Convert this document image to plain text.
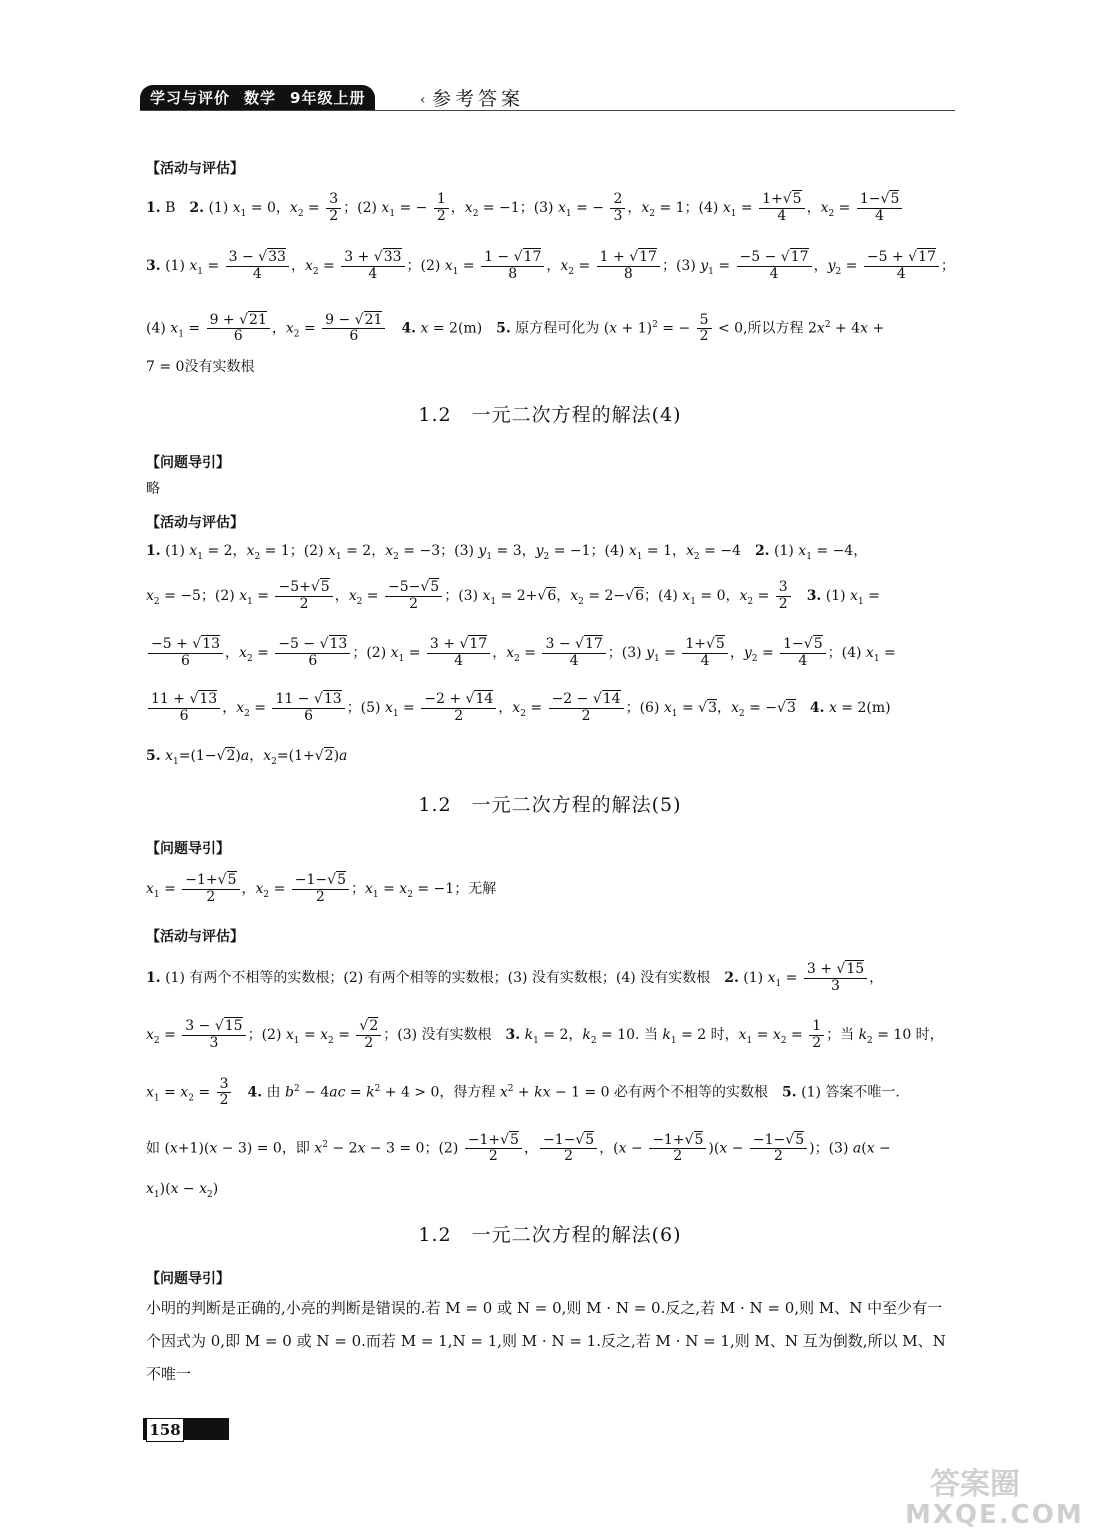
学习与评价 数学 9年级上册	‹ 参考答案
【活动与评估】
1. B　2. (1) $x_1 = 0$，$x_2 = \frac{3}{2}$ ；(2) $x_1$ = − $\frac{1}{2}$ ，$x_2 = -1$；(3) $x_1$ = − $\frac{2}{3}$ ，$x_2 = 1$；(4) $x_1 = \frac{1+√5}{4}$ ，$x_2 = \frac{1-√5}{4}$
3. (1) $x_1 = \frac{3 - √33}{4}$ ，$x_2 = \frac{3 + √33}{4}$ ；(2) $x_1 = \frac{1 - √17}{8}$ ，$x_2 = \frac{1 + √17}{8}$ ；(3) $y_1 = \frac{-5 - √17}{4}$ ，$y_2 = \frac{-5 + √17}{4}$ ；
(4) $x_1 = \frac{9 + √21}{6}$ ，$x_2 = \frac{9 - √21}{6}$
　 4. x = 2(m)　5. 原方程可化为 $(x + 1)^2$ = − $\frac{5}{2} < 0$,所以方程 $2x^2 + 4x$ +
7 = 0没有实数根
1.2　一元二次方程的解法(4)
【问题导引】
略
【活动与评估】
1. (1) $x_1 = 2$，$x_2 = 1$；(2) $x_1 = 2$，$x_2 = -3$；(3) $y_1 = 3$，$y_2 = -1$；(4) $x_1 = 1$，$x_2 = -4$　2. (1) $x_1 = -4$，
$x_2 = -5$；(2) $x_1 = \frac{-5+√5}{2}$ ，$x_2 = \frac{-5-√5}{2}$ ；(3) $x_1 = 2+√6$，$x_2 = 2-√6$；(4) $x_1 = 0$，$x_2 = \frac{3}{2}$
　 3. (1) $x_1$ =
$\frac{-5 + √13}{6}$ ，$x_2 = \frac{-5 - √13}{6}$ ；(2) $x_1 = \frac{3 + √17}{4}$ ，$x_2 = \frac{3 - √17}{4}$ ；(3) $y_1 = \frac{1+√5}{4}$ ，$y_2 = \frac{1-√5}{4}$ ；(4) $x_1$ =
$\frac{11 + √13}{6}$ ，$x_2 = \frac{11 - √13}{6}$ ；(5) $x_1 = \frac{-2 + √14}{2}$ ，$x_2 = \frac{-2 - √14}{2}$ ；(6) $x_1 = √3$，$x_2 = -√3$　 4. x = 2(m)
5. $x_1=(1-√2)a$，$x_2=(1+√2)a$
1.2　一元二次方程的解法(5)
【问题导引】
$x_1 = \frac{-1+√5}{2}$ ，$x_2 = \frac{-1-√5}{2}$ ；$x_1 = x_2 = -1$；无解
【活动与评估】
1. (1) 有两个不相等的实数根；(2) 有两个相等的实数根；(3) 没有实数根；(4) 没有实数根　2. (1) $x_1 = \frac{3 + √15}{3}$ ，
$x_2 = \frac{3 - √15}{3}$ ；(2) $x_1 = x_2 = \frac{√2}{2}$ ；(3) 没有实数根　3. $k_1 = 2$，$k_2 = 10$. 当 $k_1 = 2$ 时，$x_1 = x_2 = \frac{1}{2}$ ；当 $k_2 = 10$ 时，
$x_1 = x_2 = \frac{3}{2}$
　 4. 由 $b^2 - 4ac = k^2 + 4 > 0$，得方程 $x^2$ + kx − 1 = 0 必有两个不相等的实数根　5. (1) 答案不唯一.
如 (x+1)(x − 3) = 0，即 $x^2 - 2x - 3 = 0$；$(2) \frac{-1+√5}{2}$ ， $\frac{-1-√5}{2}$ ，$(x - \frac{-1+√5}{2} )(x - \frac{-1-√5}{2}$ )；(3) a(x −
$x_1)(x - x_2)$
1.2　一元二次方程的解法(6)
【问题导引】
小明的判断是正确的,小亮的判断是错误的.若 M = 0 或 N = 0,则 M · N = 0.反之,若 M · N = 0,则 M、N 中至少有一个因式为 0,即 M = 0 或 N = 0.而若 M = 1,N = 1,则 M · N = 1.反之,若 M · N = 1,则 M、N 互为倒数,所以 M、N 不唯一
158
答案圈
MXQE.COM
